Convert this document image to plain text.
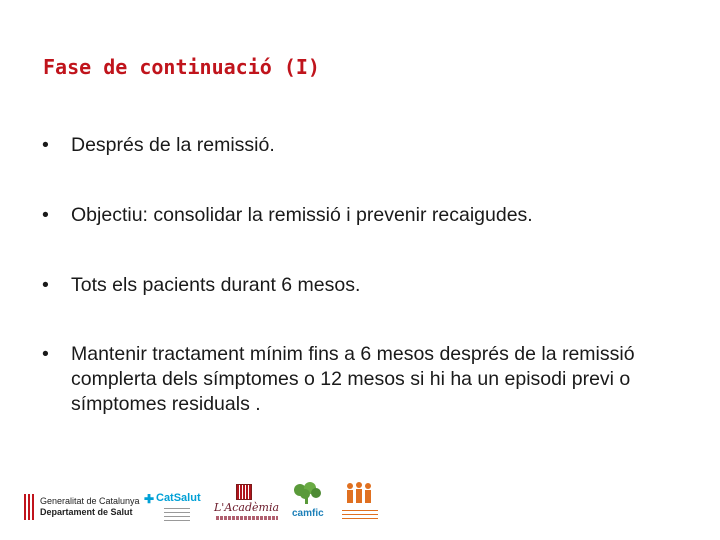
Fase de continuació (I)
• Després de la remissió.
• Objectiu: consolidar la remissió i prevenir recaigudes.
• Tots els pacients durant 6 mesos.
• Mantenir tractament mínim fins a 6 mesos després de la remissió complerta dels símptomes o 12 mesos si hi ha un episodi previ o símptomes residuals .
Generalitat de Catalunya
Departament de Salut
✚ CatSalut
L'Acadèmia camfic
